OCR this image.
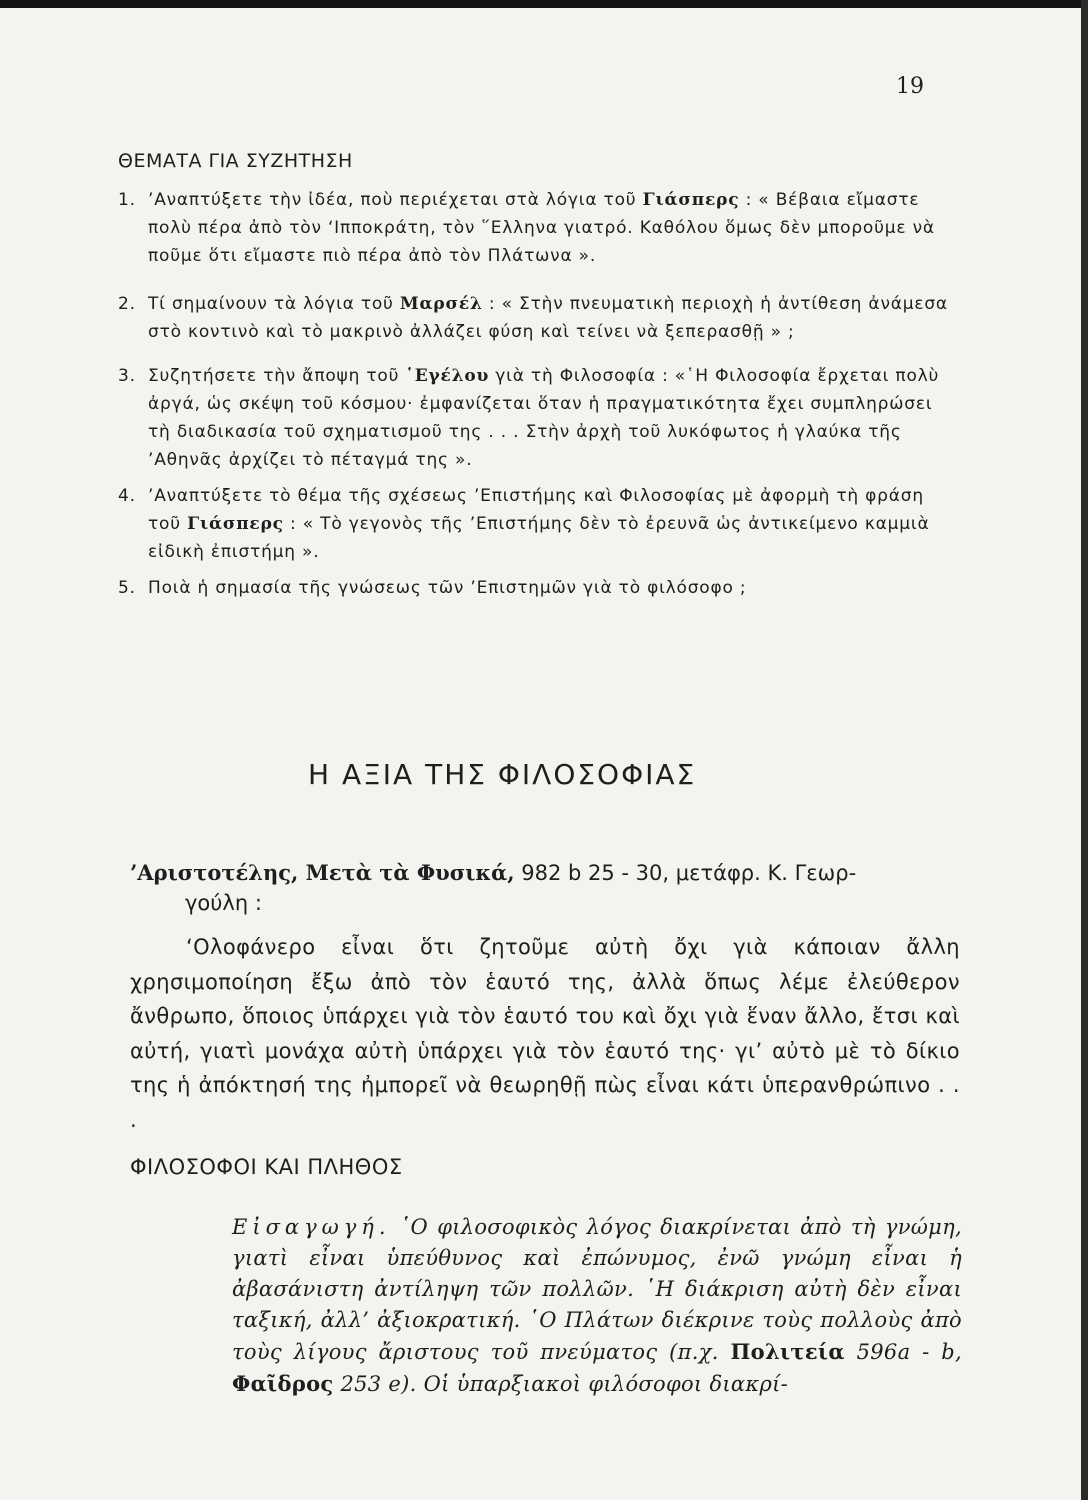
19
ΘΕΜΑΤΑ ΓΙΑ ΣΥΖΗΤΗΣΗ
1. ’Αναπτύξετε τὴν ἰδέα, ποὺ περιέχεται στὰ λόγια τοῦ Γιάσπερς : « Βέβαια εἴμαστε πολὺ πέρα ἀπὸ τὸν ‘Ιπποκράτη, τὸν ῞Ελληνα γιατρό. Καθόλου ὅμως δὲν μποροῦμε νὰ ποῦμε ὅτι εἴμαστε πιὸ πέρα ἀπὸ τὸν Πλάτωνα ».
2. Τί σημαίνουν τὰ λόγια τοῦ Μαρσέλ : « Στὴν πνευματικὴ περιοχὴ ἡ ἀντίθεση ἀνάμεσα στὸ κοντινὸ καὶ τὸ μακρινὸ ἀλλάζει φύση καὶ τείνει νὰ ξεπερασθῇ » ;
3. Συζητήσετε τὴν ἄποψη τοῦ ῾Εγέλου γιὰ τὴ Φιλοσοφία : «῾Η Φιλοσοφία ἔρχεται πολὺ ἀργά, ὡς σκέψη τοῦ κόσμου· ἐμφανίζεται ὅταν ἡ πραγματικότητα ἔχει συμπληρώσει τὴ διαδικασία τοῦ σχηματισμοῦ της . . . Στὴν ἀρχὴ τοῦ λυκόφωτος ἡ γλαύκα τῆς ’Αθηνᾶς ἀρχίζει τὸ πέταγμά της ».
4. ’Αναπτύξετε τὸ θέμα τῆς σχέσεως ’Επιστήμης καὶ Φιλοσοφίας μὲ ἀφορμὴ τὴ φράση τοῦ Γιάσπερς : « Τὸ γεγονὸς τῆς ’Επιστήμης δὲν τὸ ἐρευνᾶ ὡς ἀντικείμενο καμμιὰ εἰδικὴ ἐπιστήμη ».
5. Ποιὰ ἡ σημασία τῆς γνώσεως τῶν ’Επιστημῶν γιὰ τὸ φιλόσοφο ;
Η ΑΞΙΑ ΤΗΣ ΦΙΛΟΣΟΦΙΑΣ
’Αριστοτέλης, Μετὰ τὰ Φυσικά, 982 b 25 - 30, μετάφρ. Κ. Γεωρ-
γούλη :
‘Ολοφάνερο εἶναι ὅτι ζητοῦμε αὐτὴ ὄχι γιὰ κάποιαν ἄλλη χρησιμοποίηση ἔξω ἀπὸ τὸν ἑαυτό της, ἀλλὰ ὅπως λέμε ἐλεύθερον ἄνθρωπο, ὅποιος ὑπάρχει γιὰ τὸν ἑαυτό του καὶ ὄχι γιὰ ἕναν ἄλλο, ἔτσι καὶ αὐτή, γιατὶ μονάχα αὐτὴ ὑπάρχει γιὰ τὸν ἑαυτό της· γι’ αὐτὸ μὲ τὸ δίκιο της ἡ ἀπόκτησή της ἠμπορεῖ νὰ θεωρηθῇ πὼς εἶναι κάτι ὑπερανθρώπινο . . .
ΦΙΛΟΣΟΦΟΙ ΚΑΙ ΠΛΗΘΟΣ
Εἰσαγωγή. ῾Ο φιλοσοφικὸς λόγος διακρίνεται ἀπὸ τὴ γνώμη, γιατὶ εἶναι ὑπεύθυνος καὶ ἐπώνυμος, ἐνῶ γνώμη εἶναι ἡ ἀβασάνιστη ἀντίληψη τῶν πολλῶν. ῾Η διάκριση αὐτὴ δὲν εἶναι ταξική, ἀλλ’ ἀξιοκρατική. ῾Ο Πλάτων διέκρινε τοὺς πολλοὺς ἀπὸ τοὺς λίγους ἄριστους τοῦ πνεύματος (π.χ. Πολιτεία 596a - b, Φαῖδρος 253 e). Οἱ ὑπαρξιακοὶ φιλόσοφοι διακρί-
